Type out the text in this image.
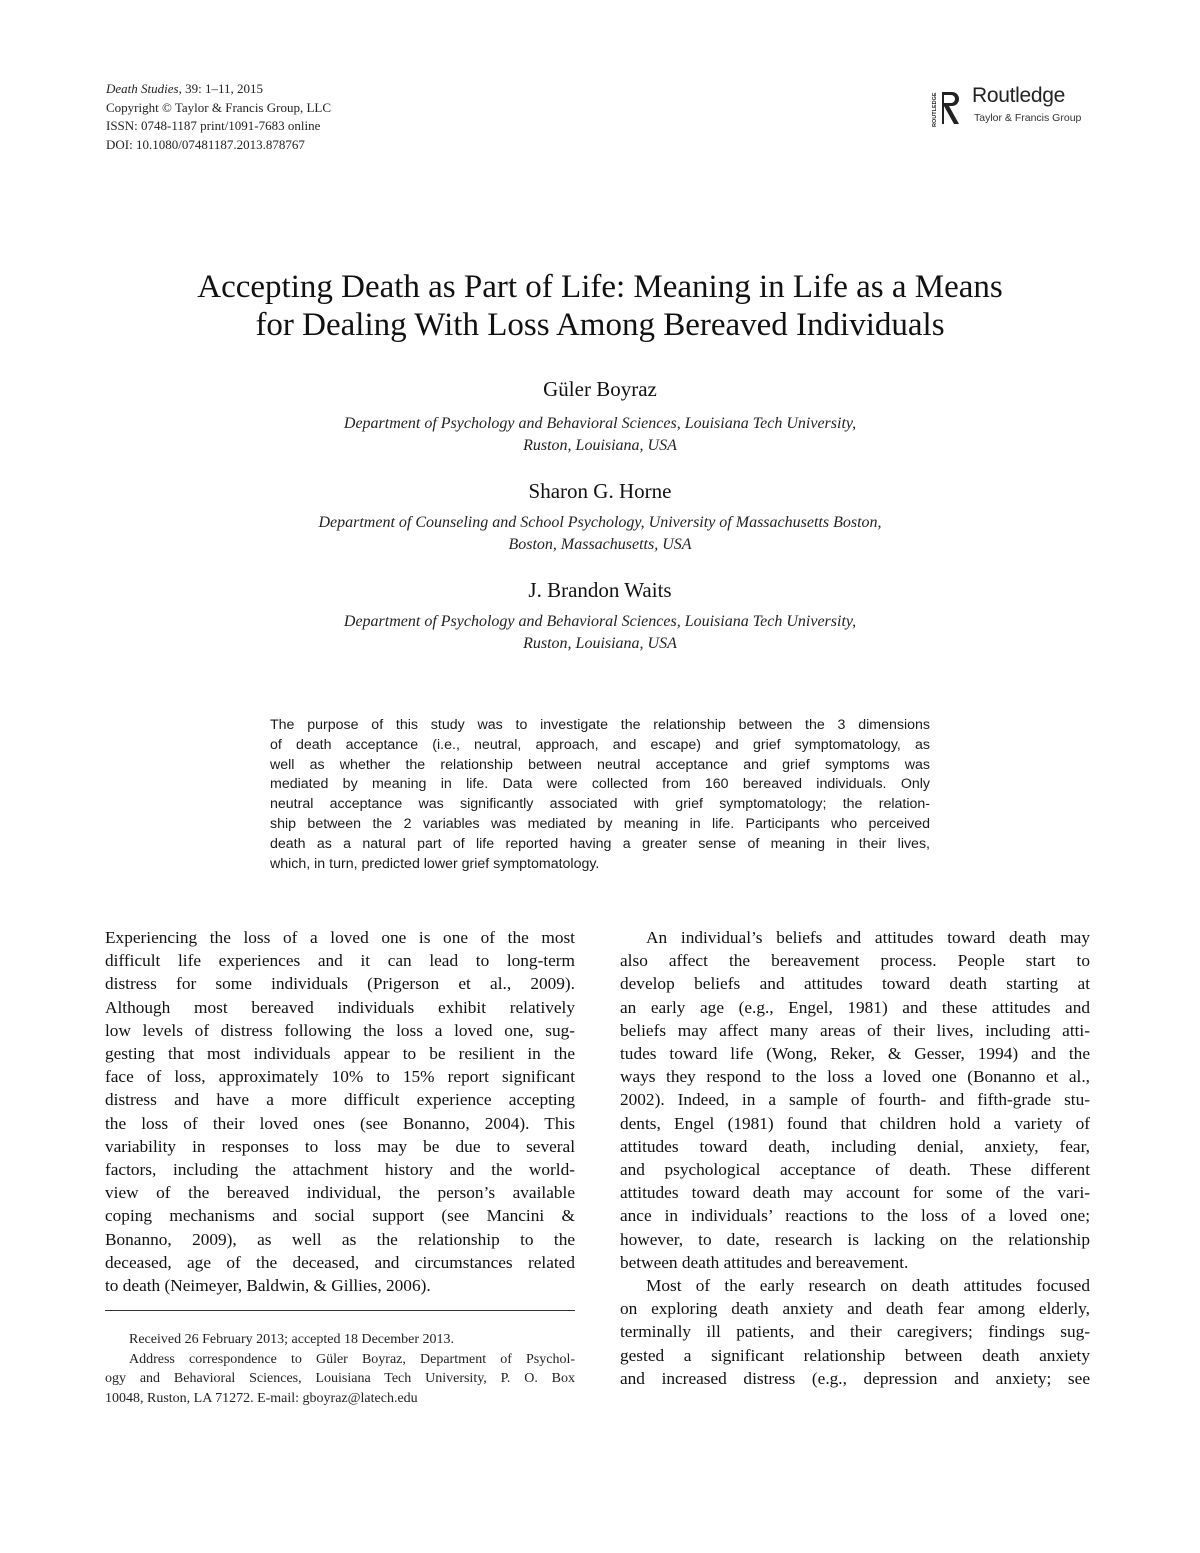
Death Studies, 39: 1–11, 2015
Copyright © Taylor & Francis Group, LLC
ISSN: 0748-1187 print/1091-7683 online
DOI: 10.1080/07481187.2013.878767
ROUTLEDGE Routledge
Taylor & Francis Group
Accepting Death as Part of Life: Meaning in Life as a Means
for Dealing With Loss Among Bereaved Individuals
Güler Boyraz
Department of Psychology and Behavioral Sciences, Louisiana Tech University,
Ruston, Louisiana, USA
Sharon G. Horne
Department of Counseling and School Psychology, University of Massachusetts Boston,
Boston, Massachusetts, USA
J. Brandon Waits
Department of Psychology and Behavioral Sciences, Louisiana Tech University,
Ruston, Louisiana, USA
The purpose of this study was to investigate the relationship between the 3 dimensions
of death acceptance (i.e., neutral, approach, and escape) and grief symptomatology, as
well as whether the relationship between neutral acceptance and grief symptoms was
mediated by meaning in life. Data were collected from 160 bereaved individuals. Only
neutral acceptance was significantly associated with grief symptomatology; the relation-
ship between the 2 variables was mediated by meaning in life. Participants who perceived
death as a natural part of life reported having a greater sense of meaning in their lives,
which, in turn, predicted lower grief symptomatology.
Experiencing the loss of a loved one is one of the most
difficult life experiences and it can lead to long-term
distress for some individuals (Prigerson et al., 2009).
Although most bereaved individuals exhibit relatively
low levels of distress following the loss a loved one, sug-
gesting that most individuals appear to be resilient in the
face of loss, approximately 10% to 15% report significant
distress and have a more difficult experience accepting
the loss of their loved ones (see Bonanno, 2004). This
variability in responses to loss may be due to several
factors, including the attachment history and the world-
view of the bereaved individual, the person’s available
coping mechanisms and social support (see Mancini &
Bonanno, 2009), as well as the relationship to the
deceased, age of the deceased, and circumstances related
to death (Neimeyer, Baldwin, & Gillies, 2006).
Received 26 February 2013; accepted 18 December 2013.
Address correspondence to Güler Boyraz, Department of Psychol-
ogy and Behavioral Sciences, Louisiana Tech University, P. O. Box
10048, Ruston, LA 71272. E-mail: gboyraz@latech.edu
An individual’s beliefs and attitudes toward death may
also affect the bereavement process. People start to
develop beliefs and attitudes toward death starting at
an early age (e.g., Engel, 1981) and these attitudes and
beliefs may affect many areas of their lives, including atti-
tudes toward life (Wong, Reker, & Gesser, 1994) and the
ways they respond to the loss a loved one (Bonanno et al.,
2002). Indeed, in a sample of fourth- and fifth-grade stu-
dents, Engel (1981) found that children hold a variety of
attitudes toward death, including denial, anxiety, fear,
and psychological acceptance of death. These different
attitudes toward death may account for some of the vari-
ance in individuals’ reactions to the loss of a loved one;
however, to date, research is lacking on the relationship
between death attitudes and bereavement.
Most of the early research on death attitudes focused
on exploring death anxiety and death fear among elderly,
terminally ill patients, and their caregivers; findings sug-
gested a significant relationship between death anxiety
and increased distress (e.g., depression and anxiety; see
